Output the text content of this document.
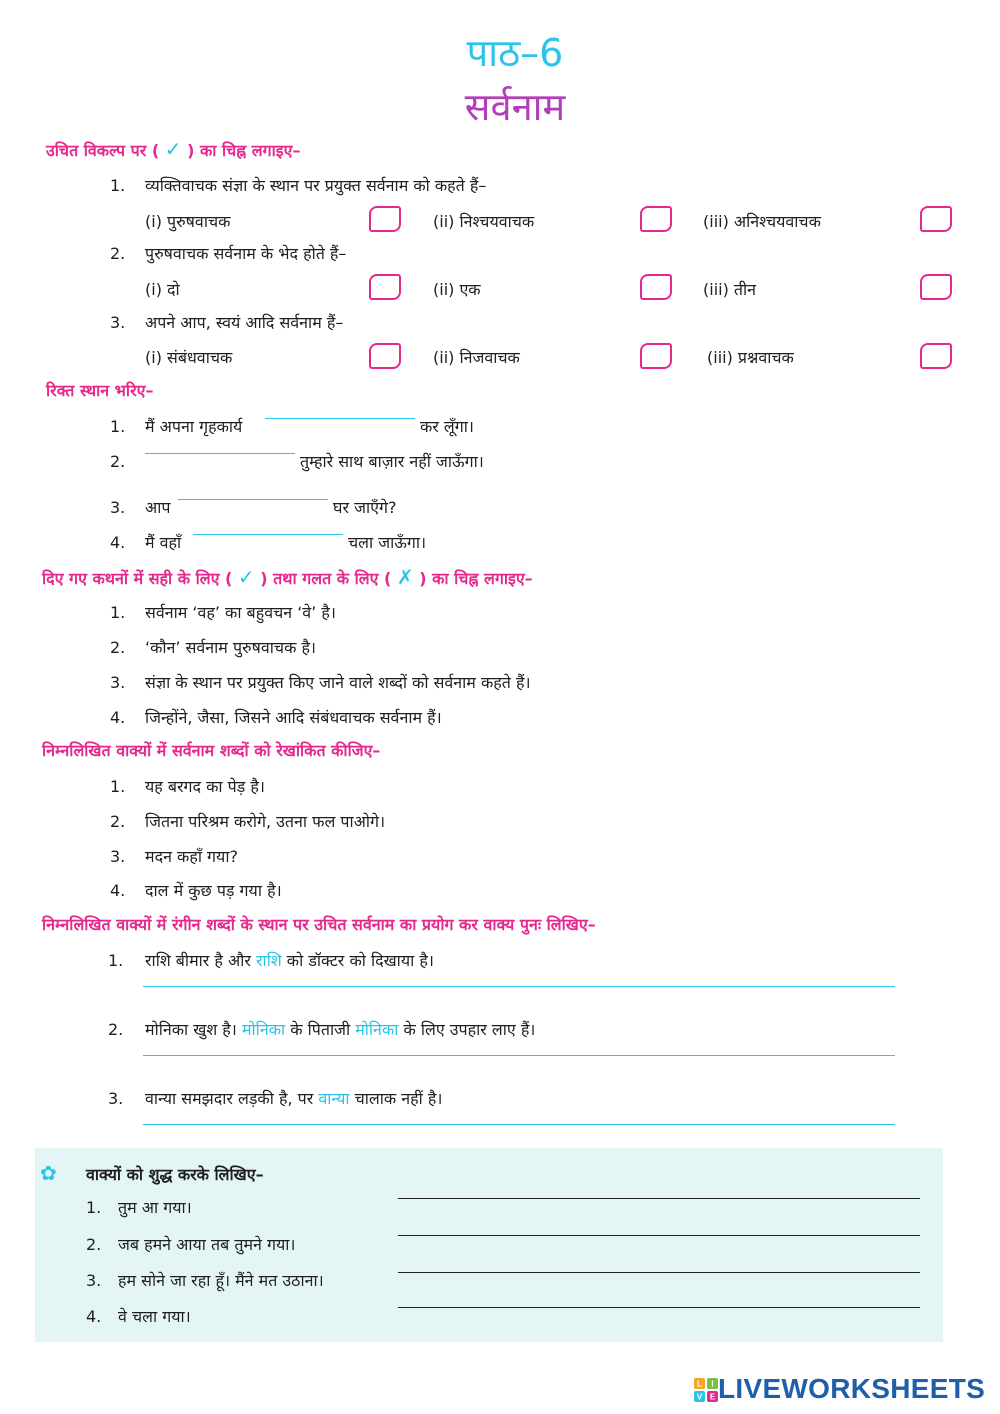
पाठ–6
सर्वनाम
उचित विकल्प पर ( ✓ ) का चिह्न लगाइए–
1. व्यक्तिवाचक संज्ञा के स्थान पर प्रयुक्त सर्वनाम को कहते हैं–
(i) पुरुषवाचक	(ii) निश्चयवाचक	(iii) अनिश्चयवाचक
2. पुरुषवाचक सर्वनाम के भेद होते हैं–
(i) दो	(ii) एक	(iii) तीन
3. अपने आप, स्वयं आदि सर्वनाम हैं–
(i) संबंधवाचक	(ii) निजवाचक	(iii) प्रश्नवाचक
रिक्त स्थान भरिए–
1. मैं अपना गृहकार्य	कर लूँगा।
2.	तुम्हारे साथ बाज़ार नहीं जाऊँगा।
3. आप	घर जाएँगे?
4. मैं वहाँ	चला जाऊँगा।
दिए गए कथनों में सही के लिए ( ✓ ) तथा गलत के लिए ( ✗ ) का चिह्न लगाइए–
1. सर्वनाम ‘वह’ का बहुवचन ‘वे’ है।
2. ‘कौन’ सर्वनाम पुरुषवाचक है।
3. संज्ञा के स्थान पर प्रयुक्त किए जाने वाले शब्दों को सर्वनाम कहते हैं।
4. जिन्होंने, जैसा, जिसने आदि संबंधवाचक सर्वनाम हैं।
निम्नलिखित वाक्यों में सर्वनाम शब्दों को रेखांकित कीजिए–
1. यह बरगद का पेड़ है।
2. जितना परिश्रम करोगे, उतना फल पाओगे।
3. मदन कहाँ गया?
4. दाल में कुछ पड़ गया है।
निम्नलिखित वाक्यों में रंगीन शब्दों के स्थान पर उचित सर्वनाम का प्रयोग कर वाक्य पुनः लिखिए–
1. राशि बीमार है और राशि को डॉक्टर को दिखाया है।
2. मोनिका खुश है। मोनिका के पिताजी मोनिका के लिए उपहार लाए हैं।
3. वान्या समझदार लड़की है, पर वान्या चालाक नहीं है।
✿ वाक्यों को शुद्ध करके लिखिए–
1. तुम आ गया।
2. जब हमने आया तब तुमने गया।
3. हम सोने जा रहा हूँ। मैंने मत उठाना।
4. वे चला गया।
L I
V E LIVEWORKSHEETS
